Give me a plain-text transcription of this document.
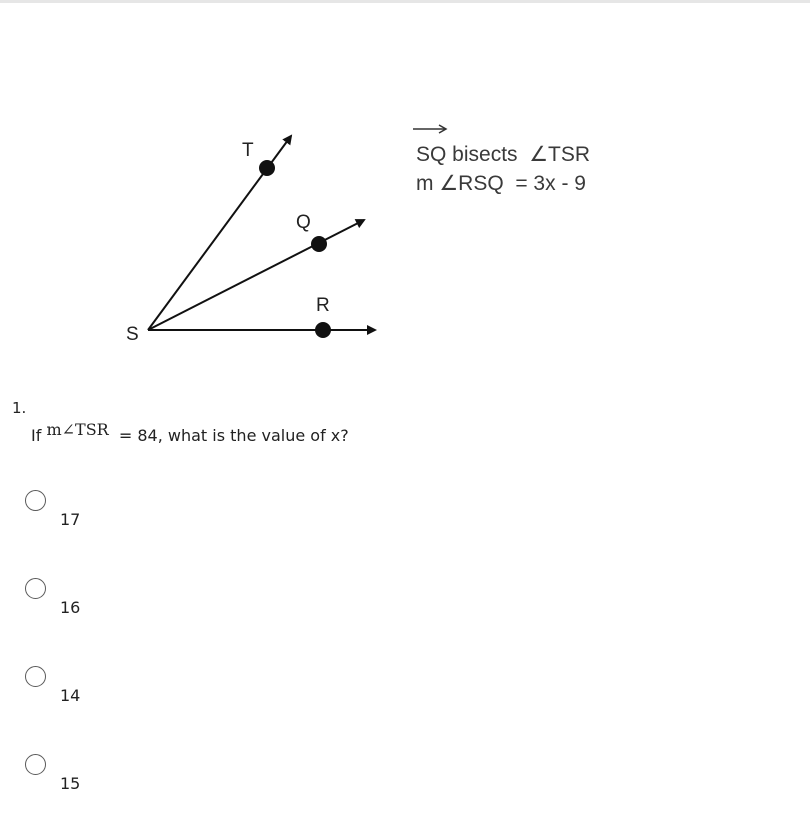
T
Q
R
S
SQ bisects  ∠TSR
m ∠RSQ  = 3x - 9
1.
If m∠TSR  = 84, what is the value of x?
17
16
14
15
